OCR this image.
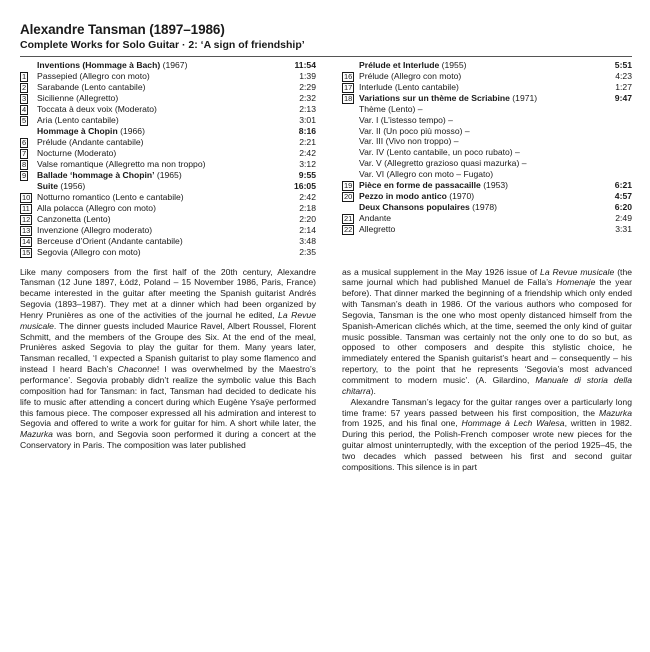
Alexandre Tansman (1897–1986)
Complete Works for Solo Guitar · 2: ‘A sign of friendship’
Inventions (Hommage à Bach) (1967)	11:54
1	Passepied (Allegro con moto)	1:39
2	Sarabande (Lento cantabile)	2:29
3	Sicilienne (Allegretto)	2:32
4	Toccata à deux voix (Moderato)	2:13
5	Aria (Lento cantabile)	3:01
Hommage à Chopin (1966)	8:16
6	Prélude (Andante cantabile)	2:21
7	Nocturne (Moderato)	2:42
8	Valse romantique (Allegretto ma non troppo)	3:12
9	Ballade ‘hommage à Chopin’ (1965)	9:55
Suite (1956)	16:05
10 Notturno romantico (Lento e cantabile)	2:42
11 Alla polacca (Allegro con moto)	2:18
12 Canzonetta (Lento)	2:20
13 Invenzione (Allegro moderato)	2:14
14 Berceuse d’Orient (Andante cantabile)	3:48
15 Segovia (Allegro con moto)	2:35
Prélude et Interlude (1955)	5:51
16 Prélude (Allegro con moto)	4:23
17 Interlude (Lento cantabile)	1:27
18 Variations sur un thème de Scriabine (1971)	9:47
Thème (Lento) –
Var. I (L’istesso tempo) –
Var. II (Un poco più mosso) –
Var. III (Vivo non troppo) –
Var. IV (Lento cantabile, un poco rubato) –
Var. V (Allegretto grazioso quasi mazurka) –
Var. VI (Allegro con moto – Fugato)
19 Pièce en forme de passacaille (1953)	6:21
20 Pezzo in modo antico (1970)	4:57
Deux Chansons populaires (1978)	6:20
21 Andante	2:49
22 Allegretto	3:31

Like many composers from the first half of the 20th century, Alexandre Tansman (12 June 1897, Łódź, Poland – 15 November 1986, Paris, France) became interested in the guitar after meeting the Spanish guitarist Andrés Segovia (1893–1987). They met at a dinner which had been organized by Henry Prunières as one of the activities of the journal he edited, La Revue musicale. The dinner guests included Maurice Ravel, Albert Roussel, Florent Schmitt, and the members of the Groupe des Six. At the end of the meal, Prunières asked Segovia to play the guitar for them. Many years later, Tansman recalled, ‘I expected a Spanish guitarist to play some flamenco and instead I heard Bach’s Chaconne! I was overwhelmed by the Maestro’s performance’. Segovia probably didn’t realize the symbolic value this Bach composition had for Tansman: in fact, Tansman had decided to dedicate his life to music after attending a concert during which Eugène Ysaÿe performed this famous piece. The composer expressed all his admiration and interest to Segovia and offered to write a work for guitar for him. A short while later, the Mazurka was born, and Segovia soon performed it during a concert at the Conservatory in Paris. The composition was later published

as a musical supplement in the May 1926 issue of La Revue musicale (the same journal which had published Manuel de Falla’s Homenaje the year before). That dinner marked the beginning of a friendship which only ended with Tansman’s death in 1986. Of the various authors who composed for Segovia, Tansman is the one who most openly distanced himself from the Spanish-American clichés which, at the time, seemed the only kind of guitar music possible. Tansman was certainly not the only one to do so but, as opposed to other composers and despite this stylistic choice, he immediately entered the Spanish guitarist’s heart and – consequently – his repertory, to the point that he represents ‘Segovia’s most advanced commitment to modern music’. (A. Gilardino, Manuale di storia della chitarra).
Alexandre Tansman’s legacy for the guitar ranges over a particularly long time frame: 57 years passed between his first composition, the Mazurka from 1925, and his final one, Hommage à Lech Walesa, written in 1982. During this period, the Polish-French composer wrote new pieces for the guitar almost uninterruptedly, with the exception of the period 1925–45, the two decades which passed between his first and second guitar compositions. This silence is in part
